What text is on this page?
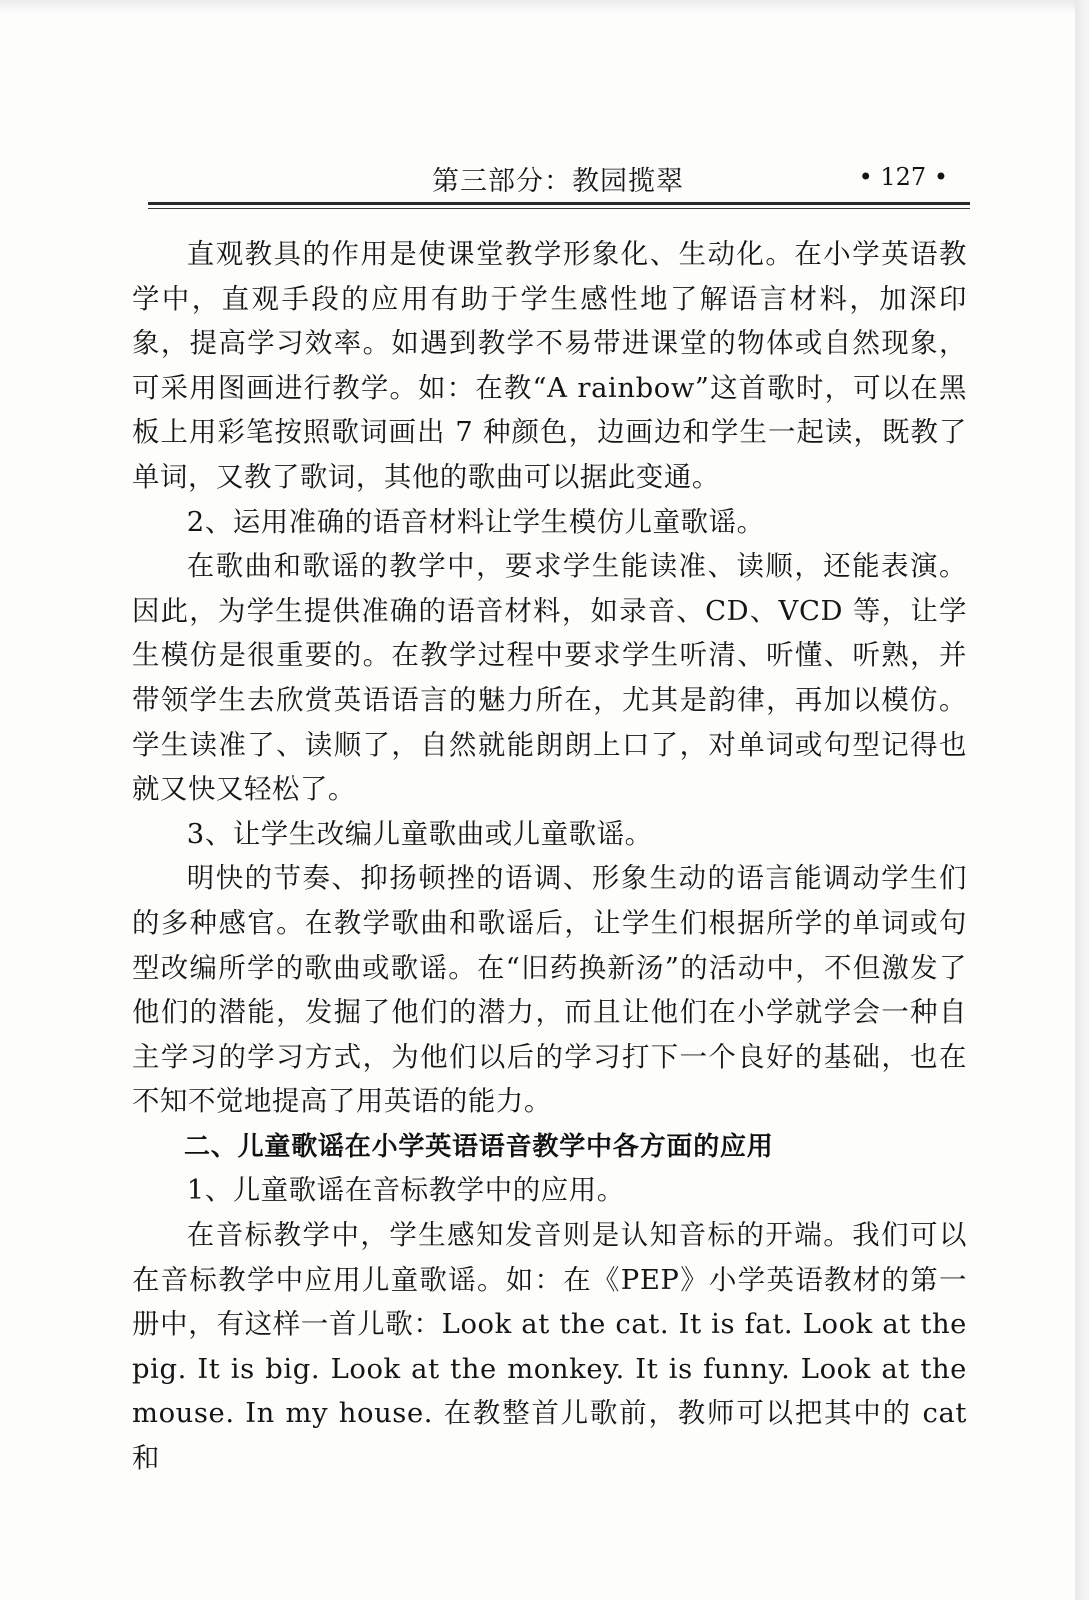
第三部分：教园揽翠	• 127 •

直观教具的作用是使课堂教学形象化、生动化。在小学英语教学中，直观手段的应用有助于学生感性地了解语言材料，加深印象，提高学习效率。如遇到教学不易带进课堂的物体或自然现象，可采用图画进行教学。如：在教“A rainbow”这首歌时，可以在黑板上用彩笔按照歌词画出 7 种颜色，边画边和学生一起读，既教了单词，又教了歌词，其他的歌曲可以据此变通。

2、运用准确的语音材料让学生模仿儿童歌谣。

在歌曲和歌谣的教学中，要求学生能读准、读顺，还能表演。因此，为学生提供准确的语音材料，如录音、CD、VCD 等，让学生模仿是很重要的。在教学过程中要求学生听清、听懂、听熟，并带领学生去欣赏英语语言的魅力所在，尤其是韵律，再加以模仿。学生读准了、读顺了，自然就能朗朗上口了，对单词或句型记得也就又快又轻松了。

3、让学生改编儿童歌曲或儿童歌谣。

明快的节奏、抑扬顿挫的语调、形象生动的语言能调动学生们的多种感官。在教学歌曲和歌谣后，让学生们根据所学的单词或句型改编所学的歌曲或歌谣。在“旧药换新汤”的活动中，不但激发了他们的潜能，发掘了他们的潜力，而且让他们在小学就学会一种自主学习的学习方式，为他们以后的学习打下一个良好的基础，也在不知不觉地提高了用英语的能力。

二、儿童歌谣在小学英语语音教学中各方面的应用

1、儿童歌谣在音标教学中的应用。

在音标教学中，学生感知发音则是认知音标的开端。我们可以在音标教学中应用儿童歌谣。如：在《PEP》小学英语教材的第一册中，有这样一首儿歌：Look at the cat. It is fat. Look at the pig. It is big. Look at the monkey. It is funny. Look at the mouse. In my house. 在教整首儿歌前，教师可以把其中的 cat 和
